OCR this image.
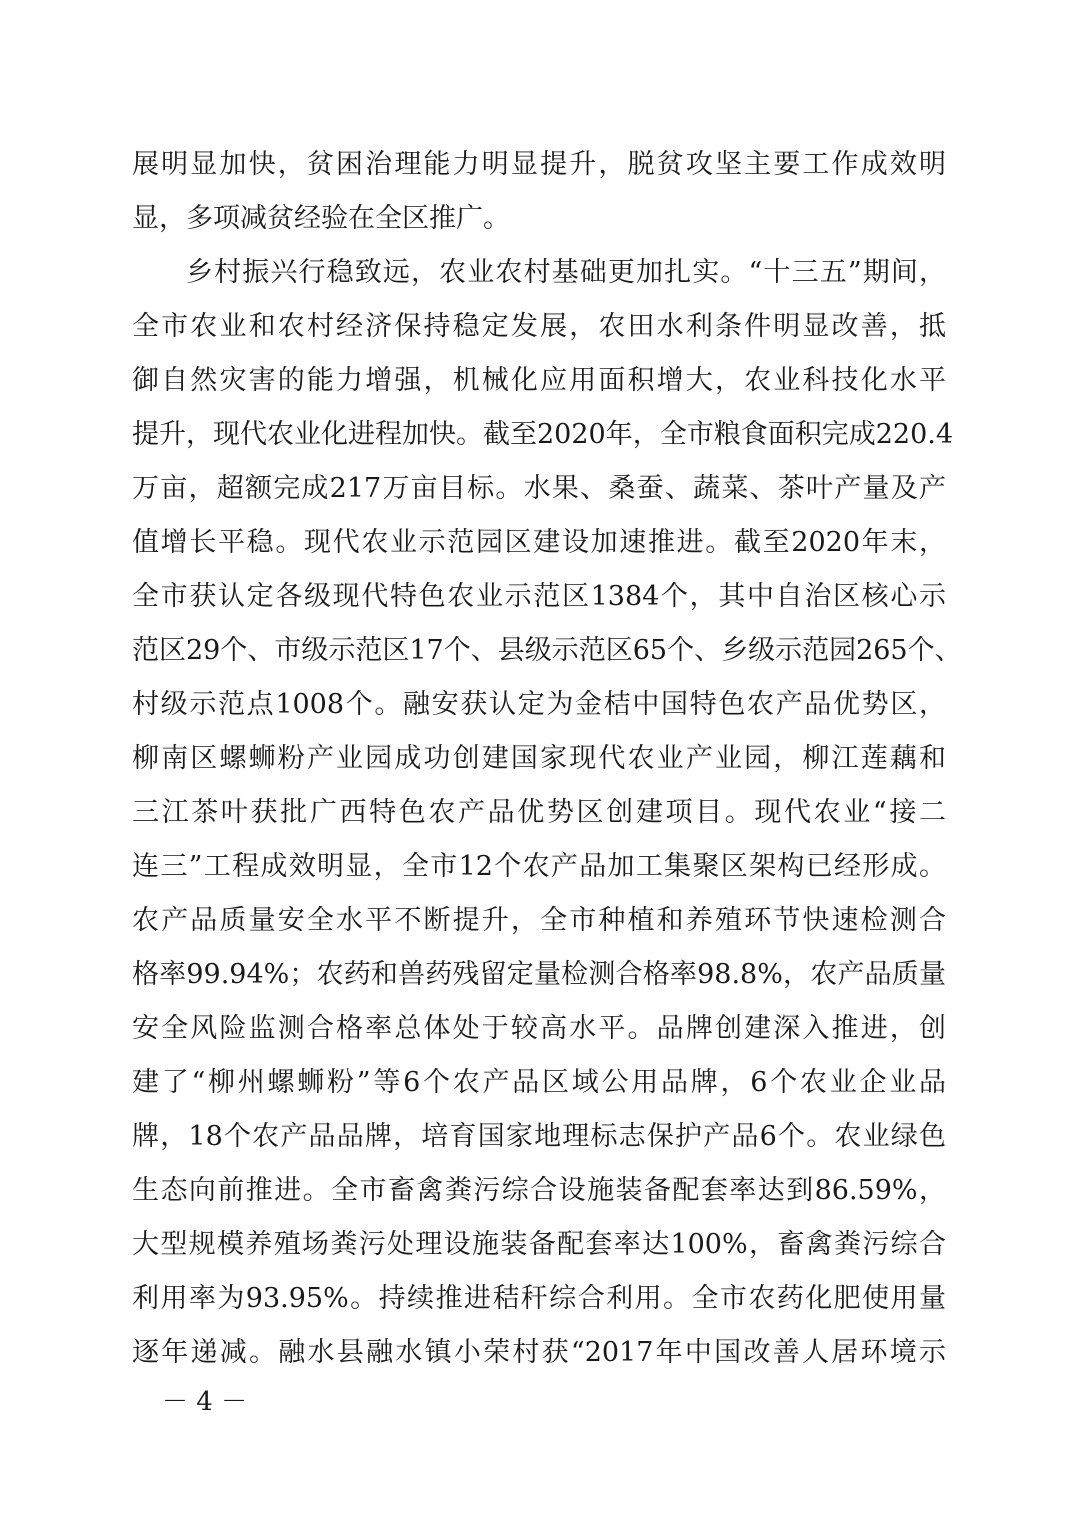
展明显加快，贫困治理能力明显提升，脱贫攻坚主要工作成效明
显，多项减贫经验在全区推广。
乡村振兴行稳致远，农业农村基础更加扎实。“十三五”期间，
全市农业和农村经济保持稳定发展，农田水利条件明显改善，抵
御自然灾害的能力增强，机械化应用面积增大，农业科技化水平
提升，现代农业化进程加快。截至2020年，全市粮食面积完成220.4
万亩，超额完成217万亩目标。水果、桑蚕、蔬菜、茶叶产量及产
值增长平稳。现代农业示范园区建设加速推进。截至2020年末，
全市获认定各级现代特色农业示范区1384个，其中自治区核心示
范区29个、市级示范区17个、县级示范区65个、乡级示范园265个、
村级示范点1008个。融安获认定为金桔中国特色农产品优势区，
柳南区螺蛳粉产业园成功创建国家现代农业产业园，柳江莲藕和
三江茶叶获批广西特色农产品优势区创建项目。现代农业“接二
连三”工程成效明显，全市12个农产品加工集聚区架构已经形成。
农产品质量安全水平不断提升，全市种植和养殖环节快速检测合
格率99.94%；农药和兽药残留定量检测合格率98.8%，农产品质量
安全风险监测合格率总体处于较高水平。品牌创建深入推进，创
建了“柳州螺蛳粉”等6个农产品区域公用品牌，6个农业企业品
牌，18个农产品品牌，培育国家地理标志保护产品6个。农业绿色
生态向前推进。全市畜禽粪污综合设施装备配套率达到86.59%，
大型规模养殖场粪污处理设施装备配套率达100%，畜禽粪污综合
利用率为93.95%。持续推进秸秆综合利用。全市农药化肥使用量
逐年递减。融水县融水镇小荣村获“2017年中国改善人居环境示
－ 4 －
